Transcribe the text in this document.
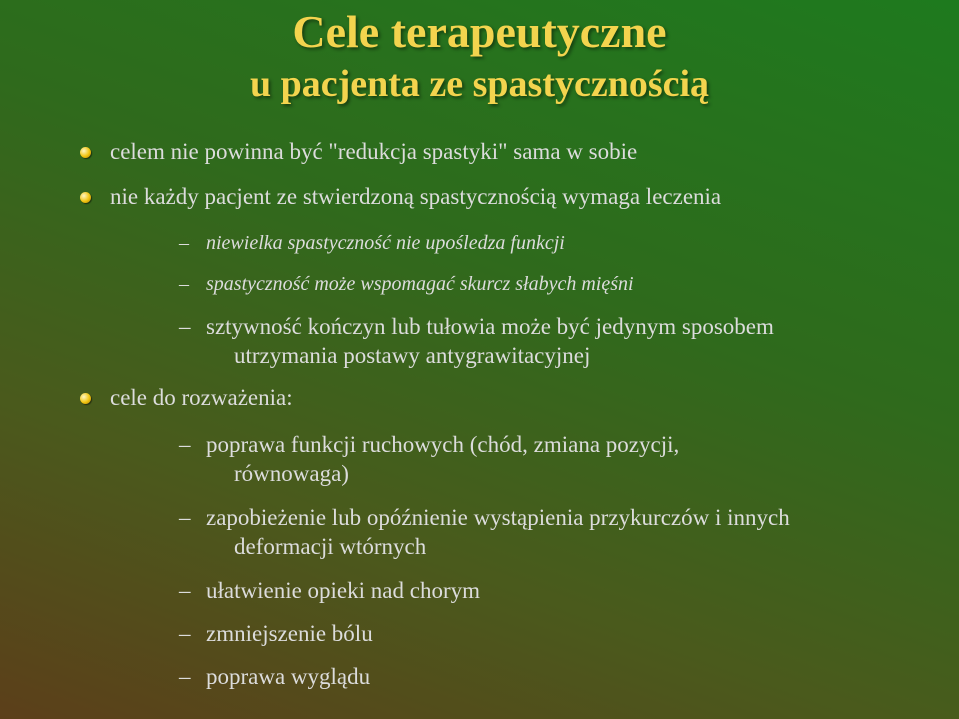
Cele terapeutyczne
u pacjenta ze spastycznością
celem nie powinna być "redukcja spastyki" sama w sobie
nie każdy pacjent ze stwierdzoną spastycznością wymaga leczenia
– niewielka spastyczność nie upośledza funkcji
– spastyczność może wspomagać skurcz słabych mięśni
– sztywność kończyn lub tułowia może być jedynym sposobem
utrzymania postawy antygrawitacyjnej
cele do rozważenia:
– poprawa funkcji ruchowych (chód, zmiana pozycji,
równowaga)
– zapobieżenie lub opóźnienie wystąpienia przykurczów i innych
deformacji wtórnych
– ułatwienie opieki nad chorym
– zmniejszenie bólu
– poprawa wyglądu
